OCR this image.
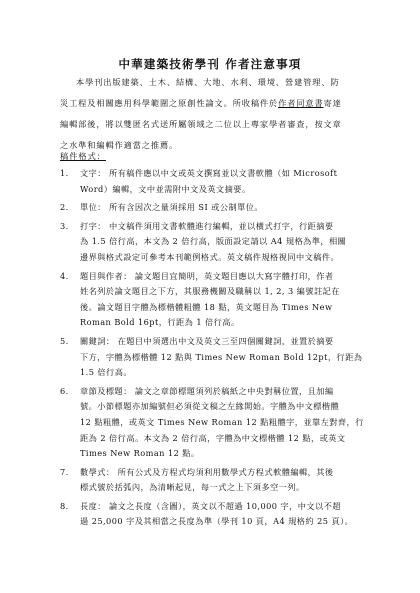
中華建築技術學刊 作者注意事項
本學刊出版建築、土木、結構、大地、水利、環境、營建管理、防
災工程及相關應用科學範圍之原創性論文。所收稿件於作者同意書寄達
編輯部後，將以雙匿名式送所屬領域之二位以上專家學者審查，按文章
之水準和編輯作適當之推薦。
稿件格式：
1. 文字： 所有稿件應以中文或英文撰寫並以文書軟體（如 Microsoft
Word）編輯，文中並需附中文及英文摘要。
2. 單位： 所有含因次之量須採用 SI 或公制單位。
3. 打字： 中文稿件須用文書軟體進行編輯，並以橫式打字，行距摘要
為 1.5 倍行高，本文為 2 倍行高，版面設定請以 A4 規格為準，相關
邊界與格式設定可參考本刊範例格式。英文稿件規格視同中文稿件。
4. 題目與作者： 論文題目宜簡明，英文題目應以大寫字體打印，作者
姓名列於論文題目之下方，其服務機關及職稱以 1, 2, 3 編號註記在
後。論文題目字體為標楷體粗體 18 點，英文題目為 Times New
Roman Bold 16pt，行距為 1 倍行高。
5. 關鍵詞： 在題目中須選出中文及英文三至四個關鍵詞，並置於摘要
下方，字體為標楷體 12 點與 Times New Roman Bold 12pt，行距為
1.5 倍行高。
6. 章節及標題： 論文之章節標題須列於稿紙之中央對稱位置，且加編
號。小節標題亦加編號但必須從文稿之左緣開始。字體為中文標楷體
12 點粗體，或英文 Times New Roman 12 點粗體字，並靠左對齊，行
距為 2 倍行高。本文為 2 倍行高，字體為中文標楷體 12 點，或英文
Times New Roman 12 點。
7. 數學式： 所有公式及方程式均須利用數學式方程式軟體編輯，其後
標式號於括弧內，為清晰起見，每一式之上下須多空一列。
8. 長度： 論文之長度（含圖），英文以不超過 10,000 字，中文以不超
過 25,000 字及其相當之長度為準（學刊 10 頁，A4 規格約 25 頁）。
